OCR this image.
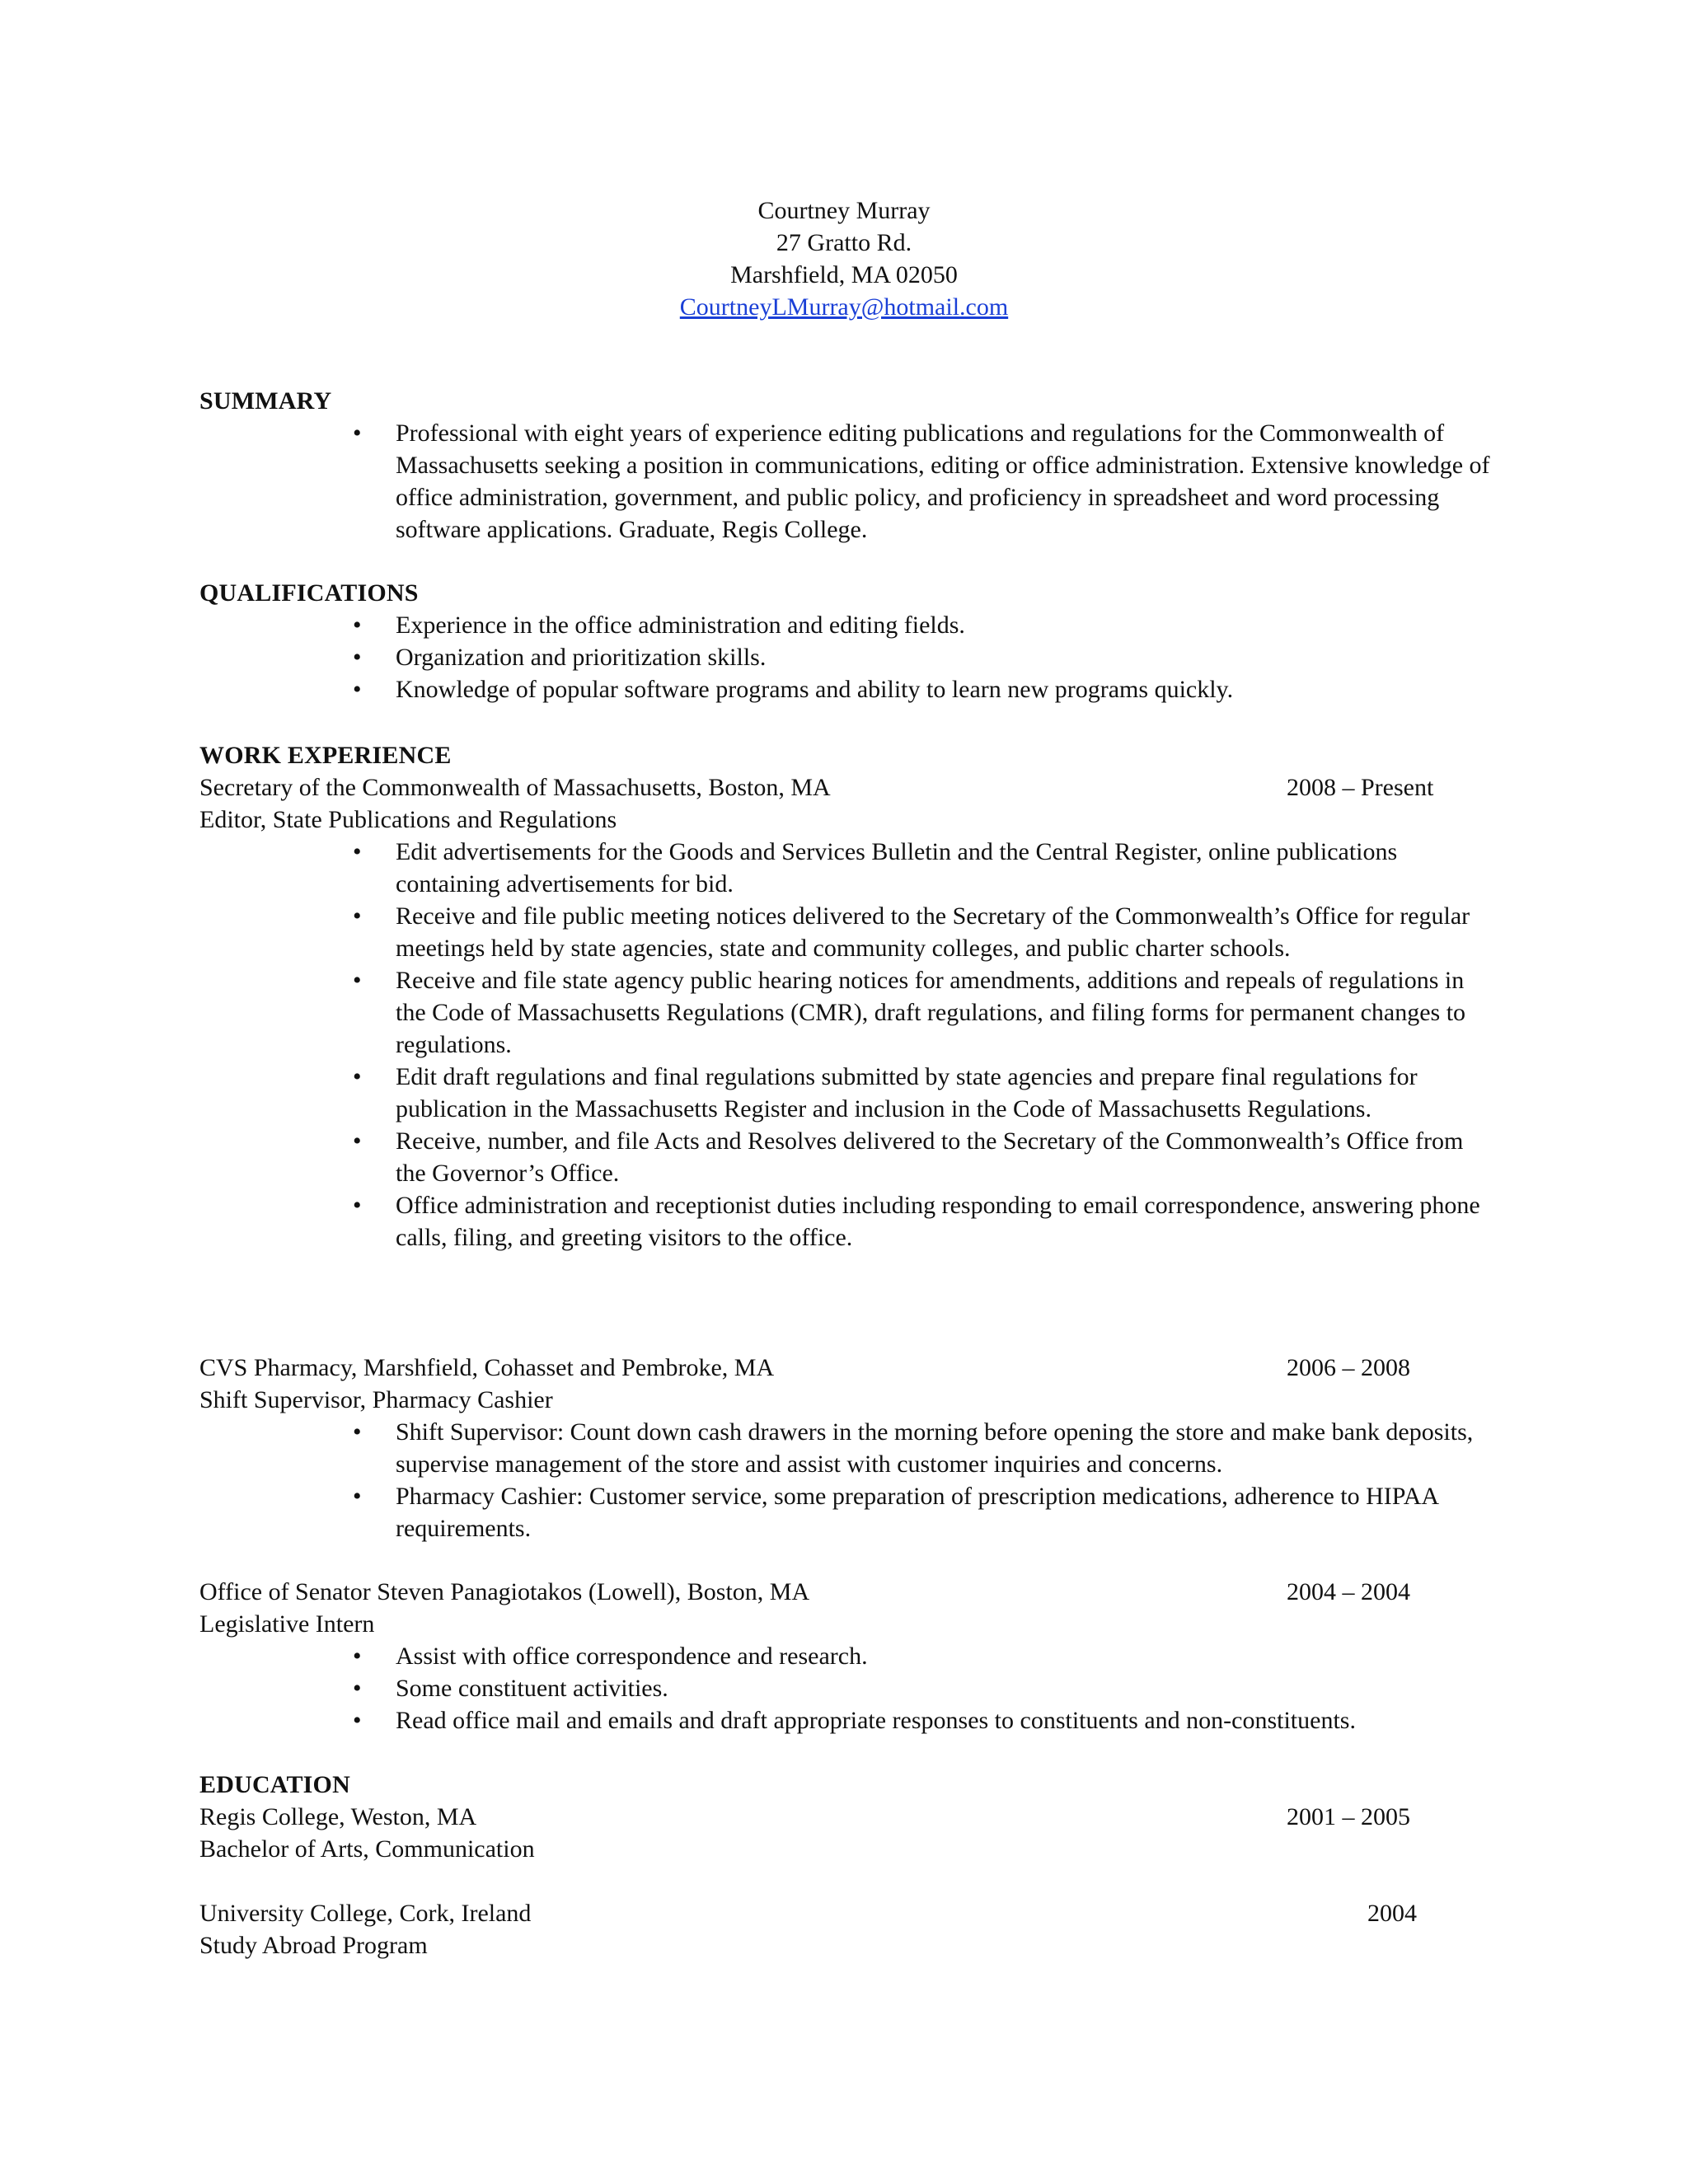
Courtney Murray
27 Gratto Rd.
Marshfield, MA 02050
CourtneyLMurray@hotmail.com
SUMMARY
• Professional with eight years of experience editing publications and regulations for the Commonwealth of Massachusetts seeking a position in communications, editing or office administration. Extensive knowledge of office administration, government, and public policy, and proficiency in spreadsheet and word processing software applications. Graduate, Regis College.
QUALIFICATIONS
• Experience in the office administration and editing fields.
• Organization and prioritization skills.
• Knowledge of popular software programs and ability to learn new programs quickly.
WORK EXPERIENCE
Secretary of the Commonwealth of Massachusetts, Boston, MA	2008 – Present
Editor, State Publications and Regulations
• Edit advertisements for the Goods and Services Bulletin and the Central Register, online publications containing advertisements for bid.
• Receive and file public meeting notices delivered to the Secretary of the Commonwealth’s Office for regular meetings held by state agencies, state and community colleges, and public charter schools.
• Receive and file state agency public hearing notices for amendments, additions and repeals of regulations in the Code of Massachusetts Regulations (CMR), draft regulations, and filing forms for permanent changes to regulations.
• Edit draft regulations and final regulations submitted by state agencies and prepare final regulations for publication in the Massachusetts Register and inclusion in the Code of Massachusetts Regulations.
• Receive, number, and file Acts and Resolves delivered to the Secretary of the Commonwealth’s Office from the Governor’s Office.
• Office administration and receptionist duties including responding to email correspondence, answering phone calls, filing, and greeting visitors to the office.
CVS Pharmacy, Marshfield, Cohasset and Pembroke, MA	2006 – 2008
Shift Supervisor, Pharmacy Cashier
• Shift Supervisor: Count down cash drawers in the morning before opening the store and make bank deposits, supervise management of the store and assist with customer inquiries and concerns.
• Pharmacy Cashier: Customer service, some preparation of prescription medications, adherence to HIPAA requirements.
Office of Senator Steven Panagiotakos (Lowell), Boston, MA	2004 – 2004
Legislative Intern
• Assist with office correspondence and research.
• Some constituent activities.
• Read office mail and emails and draft appropriate responses to constituents and non-constituents.
EDUCATION
Regis College, Weston, MA	2001 – 2005
Bachelor of Arts, Communication
University College, Cork, Ireland	2004
Study Abroad Program
